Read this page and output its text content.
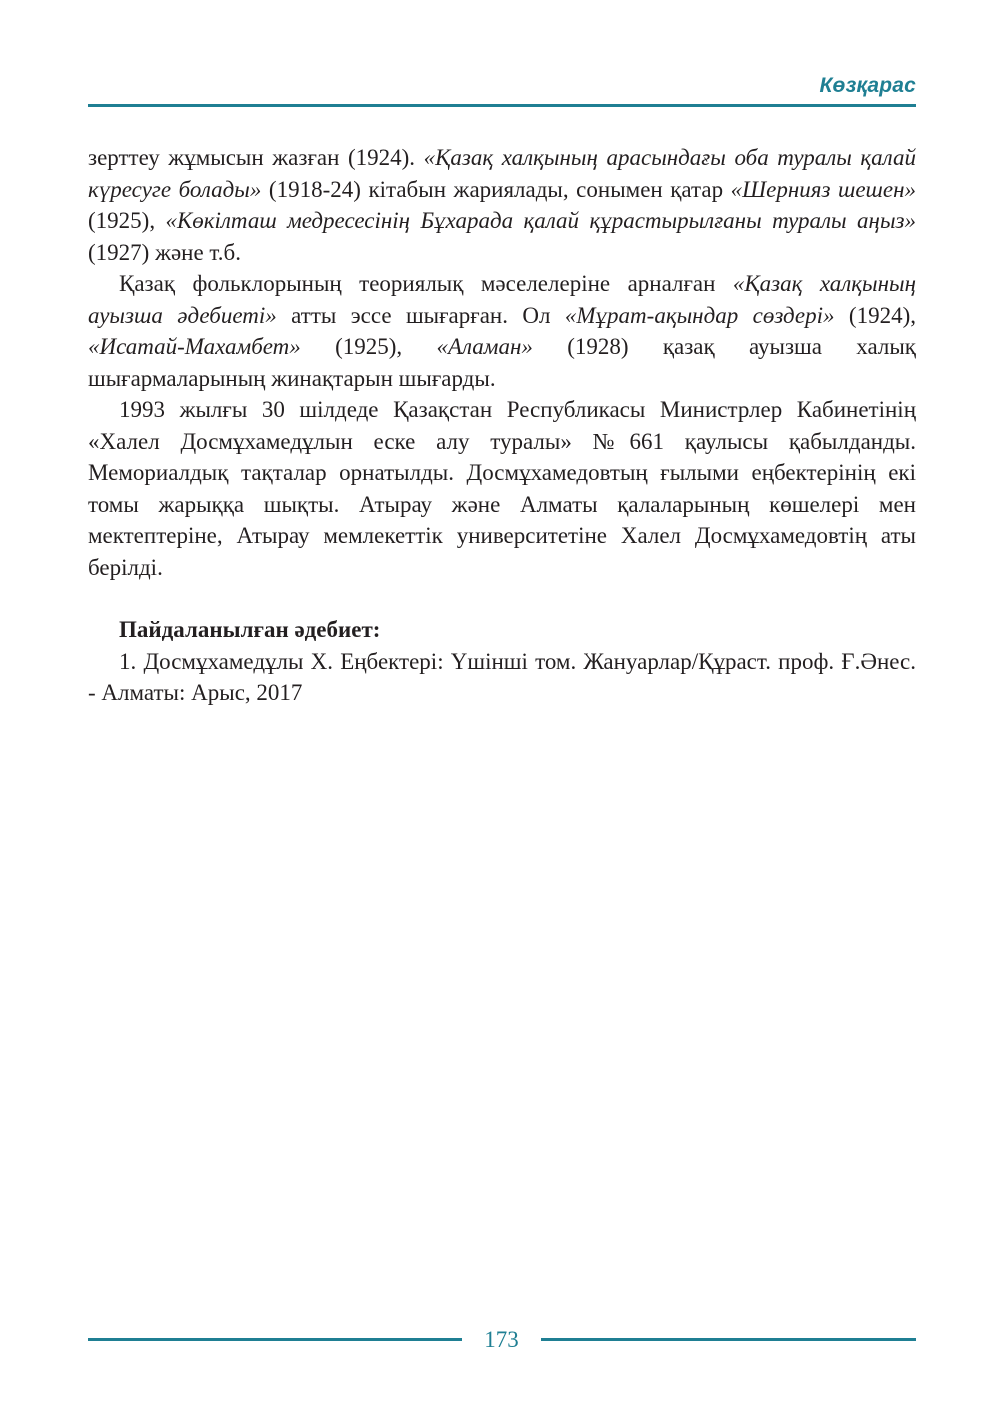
Көзқарас

зерттеу жұмысын жазған (1924). «Қазақ халқының арасындағы оба туралы қалай күресуге болады» (1918-24) кітабын жариялады, сонымен қатар «Шернияз шешен» (1925), «Көкілташ медресесінің Бұхарада қалай құрастырылғаны туралы аңыз» (1927) және т.б.

Қазақ фольклорының теориялық мәселелеріне арналған «Қазақ халқының ауызша әдебиеті» атты эссе шығарған. Ол «Мұрат-ақындар сөздері» (1924), «Исатай-Махамбет» (1925), «Аламан» (1928) қазақ ауызша халық шығармаларының жинақтарын шығарды.

1993 жылғы 30 шілдеде Қазақстан Республикасы Министрлер Кабинетінің «Халел Досмұхамедұлын еске алу туралы» №661 қаулысы қабылданды. Мемориалдық тақталар орнатылды. Досмұхамедовтың ғылыми еңбектерінің екі томы жарыққа шықты. Атырау және Алматы қалаларының көшелері мен мектептеріне, Атырау мемлекеттік университетіне Халел Досмұхамедовтің аты берілді.

Пайдаланылған әдебиет:

1. Досмұхамедұлы Х. Еңбектері: Үшінші том. Жануарлар/Құраст. проф. Ғ.Әнес. - Алматы: Арыс, 2017

173
